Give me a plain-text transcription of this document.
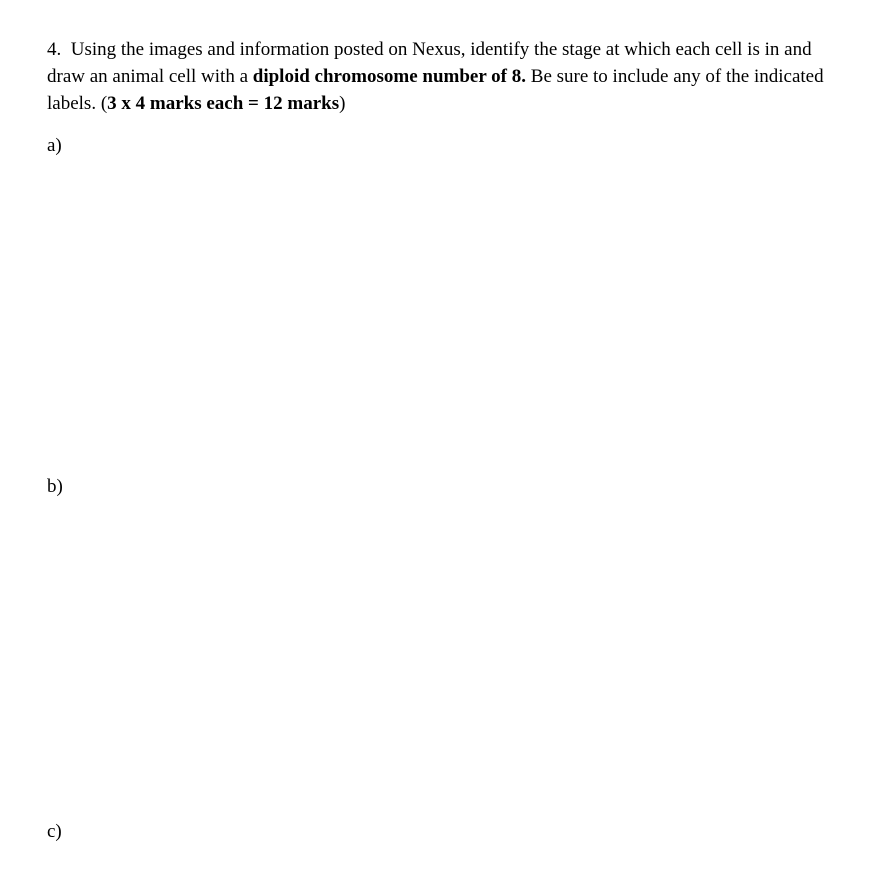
4. Using the images and information posted on Nexus, identify the stage at which each cell is in and draw an animal cell with a diploid chromosome number of 8. Be sure to include any of the indicated labels. (3 x 4 marks each = 12 marks)

a)

b)

c)
